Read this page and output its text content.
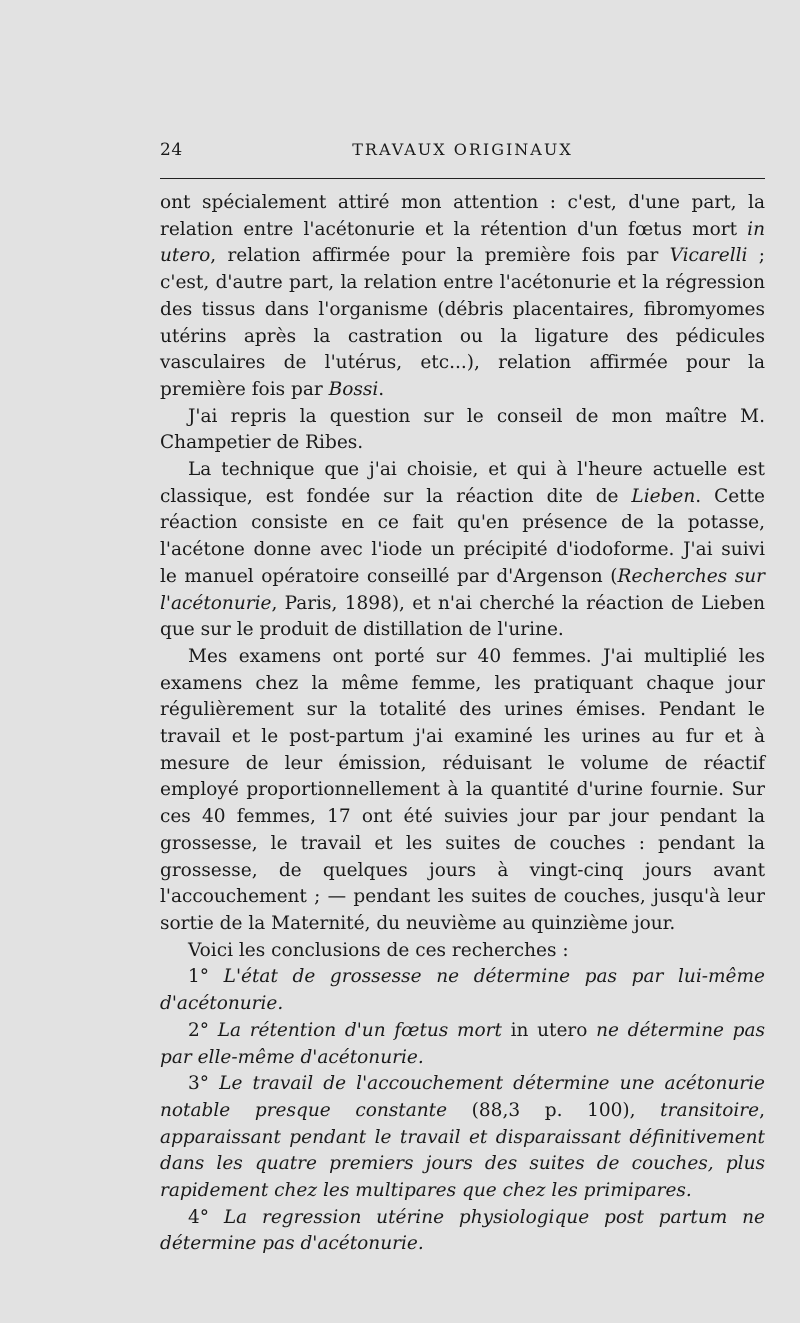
24	TRAVAUX ORIGINAUX

ont spécialement attiré mon attention : c'est, d'une part, la relation entre l'acétonurie et la rétention d'un fœtus mort in utero, relation affirmée pour la première fois par Vicarelli ; c'est, d'autre part, la relation entre l'acétonurie et la régression des tissus dans l'organisme (débris placentaires, fibromyomes utérins après la castration ou la ligature des pédicules vasculaires de l'utérus, etc...), relation affirmée pour la première fois par Bossi.

J'ai repris la question sur le conseil de mon maître M. Champetier de Ribes.

La technique que j'ai choisie, et qui à l'heure actuelle est classique, est fondée sur la réaction dite de Lieben. Cette réaction consiste en ce fait qu'en présence de la potasse, l'acétone donne avec l'iode un précipité d'iodoforme. J'ai suivi le manuel opératoire conseillé par d'Argenson (Recherches sur l'acétonurie, Paris, 1898), et n'ai cherché la réaction de Lieben que sur le produit de distillation de l'urine.

Mes examens ont porté sur 40 femmes. J'ai multiplié les examens chez la même femme, les pratiquant chaque jour régulièrement sur la totalité des urines émises. Pendant le travail et le post-partum j'ai examiné les urines au fur et à mesure de leur émission, réduisant le volume de réactif employé proportionnellement à la quantité d'urine fournie. Sur ces 40 femmes, 17 ont été suivies jour par jour pendant la grossesse, le travail et les suites de couches : pendant la grossesse, de quelques jours à vingt-cinq jours avant l'accouchement ; — pendant les suites de couches, jusqu'à leur sortie de la Maternité, du neuvième au quinzième jour.

Voici les conclusions de ces recherches :

1° L'état de grossesse ne détermine pas par lui-même d'acétonurie.

2° La rétention d'un fœtus mort in utero ne détermine pas par elle-même d'acétonurie.

3° Le travail de l'accouchement détermine une acétonurie notable presque constante (88,3 p. 100), transitoire, apparaissant pendant le travail et disparaissant définitivement dans les quatre premiers jours des suites de couches, plus rapidement chez les multipares que chez les primipares.

4° La regression utérine physiologique post partum ne détermine pas d'acétonurie.
